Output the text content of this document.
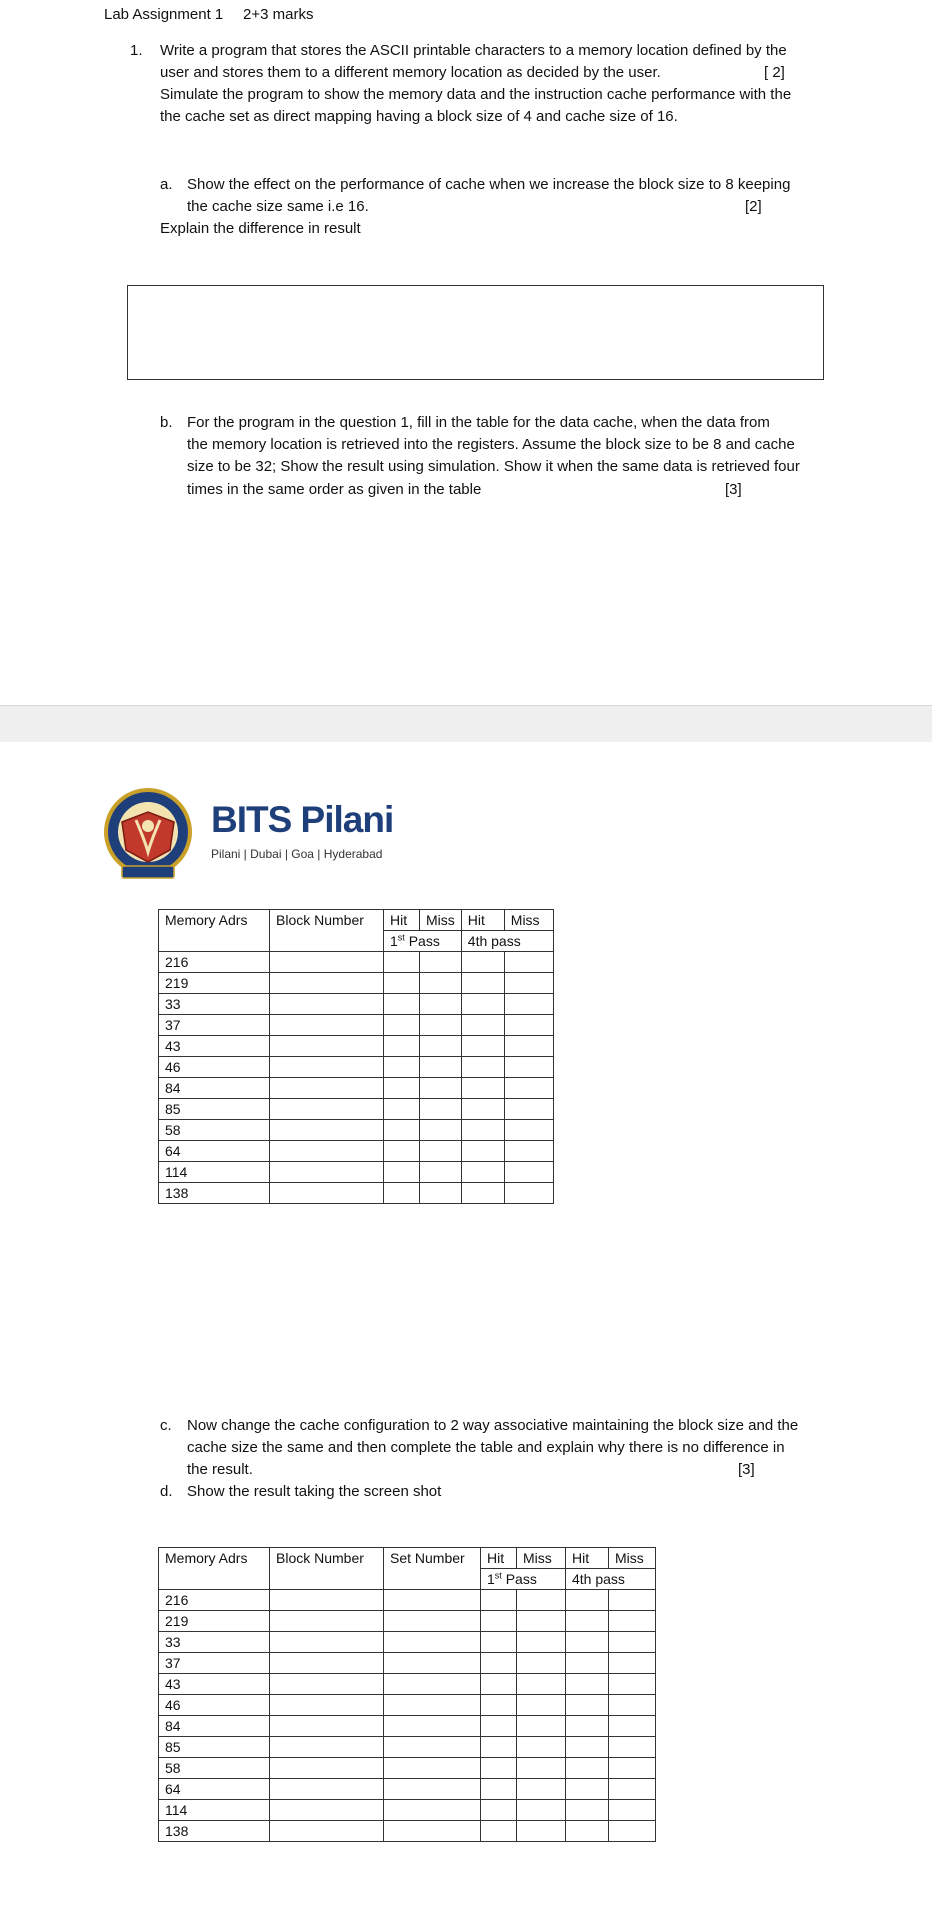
Lab Assignment 1 2+3 marks
1. Write a program that stores the ASCII printable characters to a memory location defined by the
user and stores them to a different memory location as decided by the user.	[ 2]
Simulate the program to show the memory data and the instruction cache performance with the
the cache set as direct mapping having a block size of 4 and cache size of 16.
a. Show the effect on the performance of cache when we increase the block size to 8 keeping
the cache size same i.e 16.	[2]
Explain the difference in result
b. For the program in the question 1, fill in the table for the data cache, when the data from
the memory location is retrieved into the registers. Assume the block size to be 8 and cache
size to be 32; Show the result using simulation. Show it when the same data is retrieved four
times in the same order as given in the table	[3]
BITS Pilani
Pilani | Dubai | Goa | Hyderabad
Memory Adrs	Block Number	Hit	Miss	Hit	Miss
		1st Pass		4th pass	
216					
219					
33					
37					
43					
46					
84					
85					
58					
64					
114					
138					
c. Now change the cache configuration to 2 way associative maintaining the block size and the
cache size the same and then complete the table and explain why there is no difference in
the result.	[3]
d. Show the result taking the screen shot
Memory Adrs	Block Number	Set Number	Hit	Miss	Hit	Miss
			1st Pass		4th pass	
216						
219						
33						
37						
43						
46						
84						
85						
58						
64						
114						
138						
